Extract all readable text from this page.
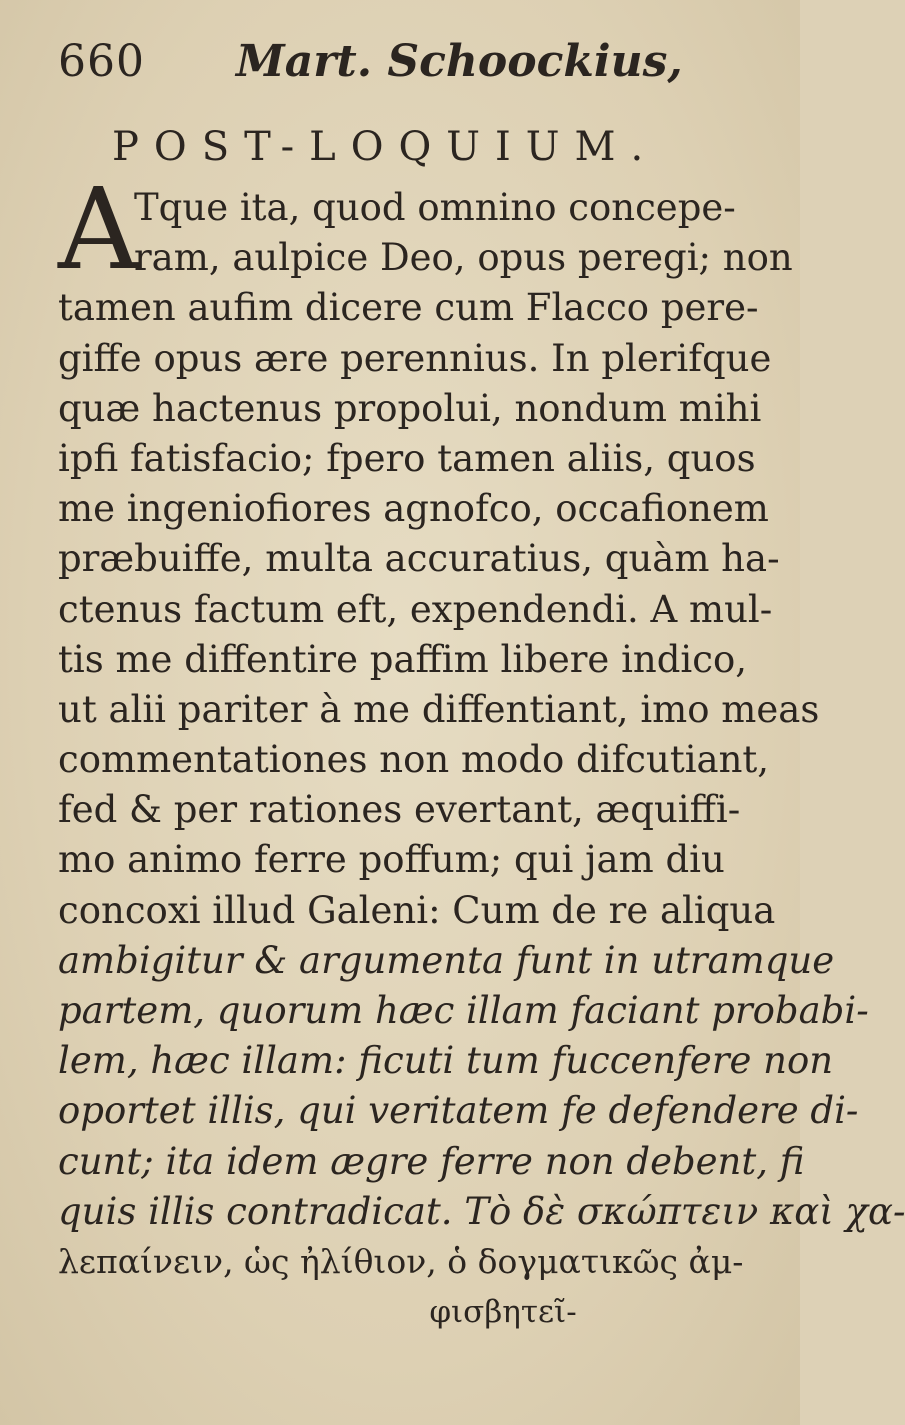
660 Mart. Schoockius,
POST-LOQUIUM.
A
Tque ita, quod omnino concepe-
ram, aulpice Deo, opus peregi; non
tamen aufim dicere cum Flacco pere-
giffe opus ære perennius. In plerifque
quæ hactenus propolui, nondum mihi
ipfi fatisfacio; fpero tamen aliis, quos
me ingeniofiores agnofco, occafionem
præbuiffe, multa accuratius, quàm ha-
ctenus factum eft, expendendi. A mul-
tis me diffentire paffim libere indico,
ut alii pariter à me diffentiant, imo meas
commentationes non modo difcutiant,
fed & per rationes evertant, æquiffi-
mo animo ferre poffum; qui jam diu
concoxi illud Galeni: Cum de re aliqua
ambigitur & argumenta funt in utramque
partem, quorum hæc illam faciant probabi-
lem, hæc illam: ficuti tum fuccenfere non
oportet illis, qui veritatem fe defendere di-
cunt; ita idem ægre ferre non debent, fi
quis illis contradicat. Τὸ δὲ σκώπτειν καὶ χα-
λεπαίνειν, ὡς ἠλίθιον, ὁ δογματικῶς ἀμ-
φισβητεῖ-
